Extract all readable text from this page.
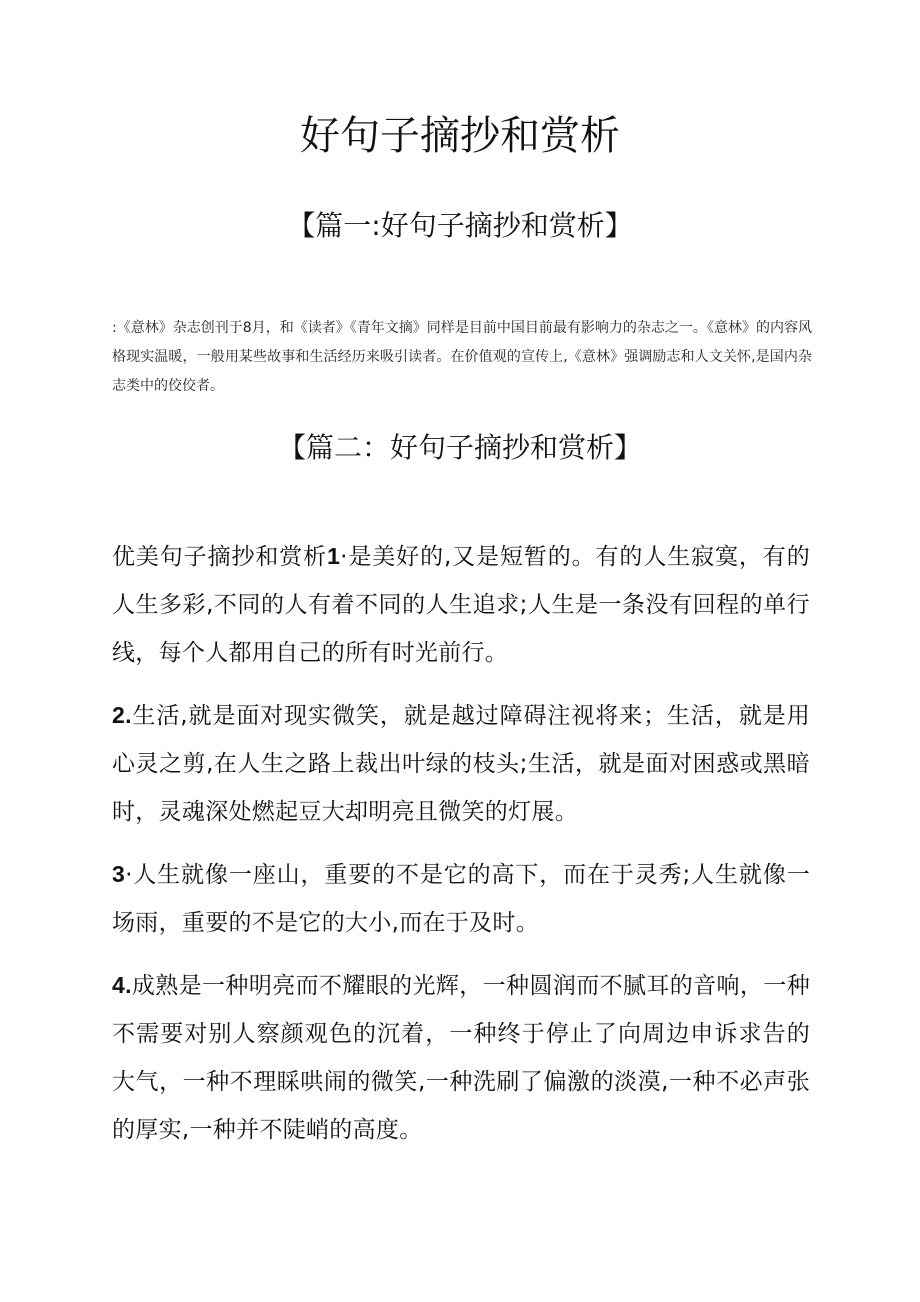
好句子摘抄和赏析
【篇一:好句子摘抄和赏析】

:《意林》杂志创刊于8月，和《读者》《青年文摘》同样是目前中国目前最有影响力的杂志之一。《意林》的内容风格现实温暖，一般用某些故事和生活经历来吸引读者。在价值观的宣传上,《意林》强调励志和人文关怀,是国内杂志类中的佼佼者。

【篇二：好句子摘抄和赏析】
优美句子摘抄和赏析1·是美好的,又是短暂的。有的人生寂寞，有的人生多彩,不同的人有着不同的人生追求;人生是一条没有回程的单行线，每个人都用自己的所有时光前行。
2.生活,就是面对现实微笑，就是越过障碍注视将来；生活，就是用心灵之剪,在人生之路上裁出叶绿的枝头;生活，就是面对困惑或黑暗时，灵魂深处燃起豆大却明亮且微笑的灯展。
3·人生就像一座山，重要的不是它的高下，而在于灵秀;人生就像一场雨，重要的不是它的大小,而在于及时。
4.成熟是一种明亮而不耀眼的光辉，一种圆润而不腻耳的音响，一种不需要对别人察颜观色的沉着，一种终于停止了向周边申诉求告的大气，一种不理睬哄闹的微笑,一种洗刷了偏激的淡漠,一种不必声张的厚实,一种并不陡峭的高度。
